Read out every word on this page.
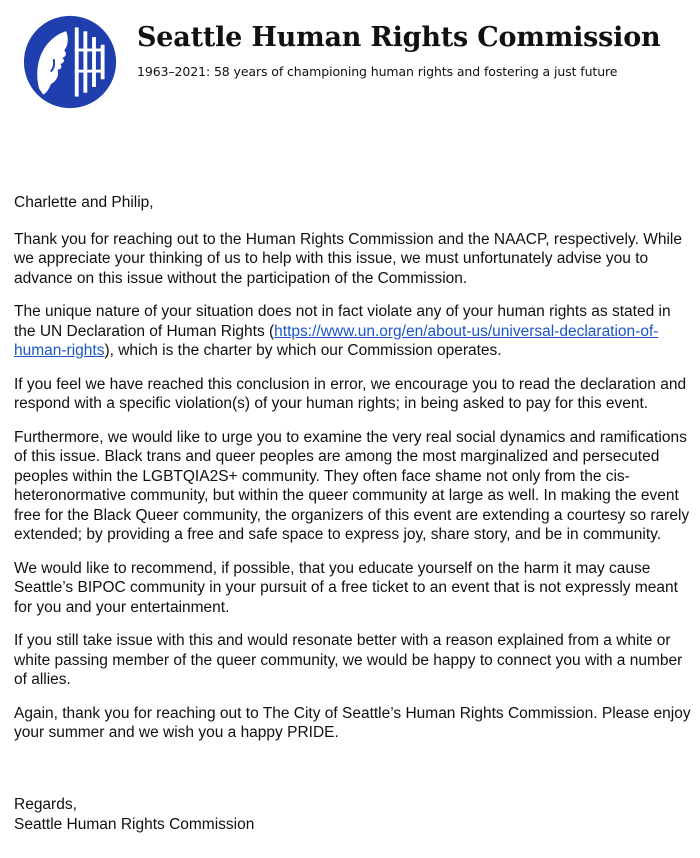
Seattle Human Rights Commission
1963–2021: 58 years of championing human rights and fostering a just future

Charlette and Philip,

Thank you for reaching out to the Human Rights Commission and the NAACP, respectively. While we appreciate your thinking of us to help with this issue, we must unfortunately advise you to advance on this issue without the participation of the Commission.

The unique nature of your situation does not in fact violate any of your human rights as stated in the UN Declaration of Human Rights (https://www.un.org/en/about-us/universal-declaration-of-human-rights), which is the charter by which our Commission operates.

If you feel we have reached this conclusion in error, we encourage you to read the declaration and respond with a specific violation(s) of your human rights; in being asked to pay for this event.

Furthermore, we would like to urge you to examine the very real social dynamics and ramifications of this issue. Black trans and queer peoples are among the most marginalized and persecuted peoples within the LGBTQIA2S+ community. They often face shame not only from the cis-heteronormative community, but within the queer community at large as well. In making the event free for the Black Queer community, the organizers of this event are extending a courtesy so rarely extended; by providing a free and safe space to express joy, share story, and be in community.

We would like to recommend, if possible, that you educate yourself on the harm it may cause Seattle’s BIPOC community in your pursuit of a free ticket to an event that is not expressly meant for you and your entertainment.

If you still take issue with this and would resonate better with a reason explained from a white or white passing member of the queer community, we would be happy to connect you with a number of allies.

Again, thank you for reaching out to The City of Seattle’s Human Rights Commission. Please enjoy your summer and we wish you a happy PRIDE.

Regards,
Seattle Human Rights Commission
